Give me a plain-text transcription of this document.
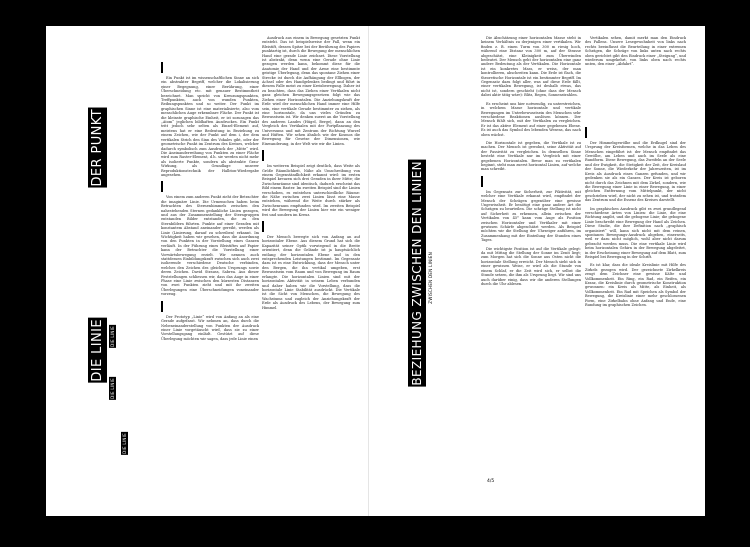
DER PUNKT
DIE LINIE	DIE LINIE
DIE LINIE
DIE LINIE
BEZIEHUNG ZWISCHEN DEN LINIEN	ZWISCHEN DEN LINIEN

Ein Punkt ist im wissenschaftlichen Sinne an sich ein abstrakter Begriff, welcher die Lokalisierung einer Begegnung, einer Berührung, einer Überschneidung etc. mit genauer Bestimmtheit bezeichnet. Man spricht von Kreuzungspunkten, Treffpunkten, auch von wunden Punkten, Reibungspunkten und so weiter. Der Punkt im graphischen Sinne ist eine materialisierte, also vom menschlichen Auge erkennbare Fläche. Der Punkt ist die kleinste graphische Einheit, er ist sozusagen das „Atom“ jeglichen bildhaften Ausdruckes. Ein Punkt tritt jedoch sehr selten als Einzel-Element auf, meistens hat er eine Bedeutung in Beziehung zu einem Zeichen, wie der Punkt auf dem i, der dem vertikalen Strich den Sinn des Vokales gibt, oder der geometrische Punkt im Zentrum des Kreises, welcher dadurch symbolisch zum Ausdruck der „Mitte“ wird. Die Aneinanderreihung von Punkten zu einer Fläche wird zum Raster-Element, d.h. sie werden nicht mehr als isolierte Punkte, sondern als abstrakte Grau-Wirkung, als Grundlage unserer Reproduktionstechnik der Halbton-Wiedergabe angesehen.

Von einem zum anderen Punkt zieht der Betrachter die imaginäre Linie. Die Urmenschen haben beim Betrachten des Sternenhimmels zwischen den nahestehenden Sternen gedankliche Linien gezogen, und aus der Zusammenstellung der Sterngruppen entstanden Bilder entstanden, die zu den Sternbildern führten. Punkte auf einer Geraden mit konstantem Abstand aneinander gereiht, werden als Linie (Linierung, darauf zu schreiben) erkannt. Im Wichtigkeit haben wir gesehen, dass die Anordnung von den Punkten in der Vorstellung eines Ganzen verläuft. In der Führung eines Bleistiftes auf Papier kann der Betrachter die Vorstellung einer Vorwärtsbewegung erzielt. Wir nennen auch stattdessen Einbildungskraft zwischen sich auch zwei isolierende verschiedene Deutsche verbinden, welches den Zeichen des gleichen Ursprungs sowie deren Zeichen. David Strauss, Sabrea. Aus dieser Feststellungen schliessen wir, dass das Auge in einer Phase eine Linie zwischen den kürzesten Distanzen von zwei Punkten zieht und mit ihr zweiten Überlegungen eine Überschneidungen voneinander vorzeug.

Der Prototyp „Linie“ wird von Anfang an als eine Gerade aufgefasst. Wir nehmen an, dass durch die Nebeneinanderstellung von Punkten der Ausdruck einer Linie vorgetäuscht wird, dass sie zu einer Vorstellungsgang einlädt. Gestützt auf diese Überlegung möchten wir sagen, dass jede Linie einen

Ausdruck aus einem in Bewegung gesetzten Punkt entsteht. Das ist beispielsweise der Fall, wenn ein Bleistift, dessen Spitze bei der Berührung des Papiers punktartig ist, durch die Bewegung der menschlichen Hand eine gerade Linie zeichnet. Diese Vorstellung ist abstrakt, denn wenn eine Gerade ohne Linie gezogen werden kann, bekommt diese für die Anatomie der Hand und der Arme eine bestimmte geistige Überlegung, denn das spontane Ziehen einer Strecke ist durch die Aufhängung der Ellbogen, der Achsel oder des Handgelenkes bedingt und führt in diesem Falle meist zu einer Kreisbewegung. Daher ist zu beachten, dass das Ziehen einer Vertikalen nicht ganz gleichen Bewegungsgesetzen folgt wie das Ziehen einer Horizontalen. Die Anziehungskraft der Erde wird der menschlichen Hand immer eine Hilfe sein, eine vertikale Gerade bestimmter zu ziehen, als eine horizontale, da uns vieles Gründen zu Bewusstsein ist. Wir denken zuerst an die Vorstellung des anderen Landes (Hügel, Berge), dann an den Vergleich des Vertikalen mit der Fortpflanzung des Universums und mit Zentrum der Richtung Wurzel und Hüften. Wir sehen ähnlich wie der Kosmos die Bewegung für Gesetze der Dimensionen, wie Einwanderung, in der Welt wie wir die Linien.

Im weiteren Beispiel zeigt deutlich, dass Weite als Größe Räumlichkeit, Nähe als Umschreibung von einem Gegenständlichkeit erkannt wird: im ersten Beispiel kreuzen sich drei Geraden in ihrer Mitte; die Zwischenräume sind identisch, dadurch erscheint das Bild einem Raster. Im zweiten Beispiel sind die Linien verschoben, es entstehen unterschiedliche Räume: die Nähe zwischen zwei Linien lässt eine Masse entstehen, während die Weite durch stärker als Zwischenraum empfunden wird. Im zweiten Beispiel wird die Bewegung der Linien hier wie ein weniger frei und sondern im Kreuz.

Der Mensch bewegte sich von Anfang an auf horizontaler Ebene. Aus diesem Grund hat sich die Kapazität seiner Optik vorwiegend in die Breite orientiert, denn die Gelände ist ja hauptsächlich entlang der horizontalen Ebene und in den entsprechenden Leistungen bestimmt. Im Gegensatz dazu ist es eine Entwicklung, dass der Mensch unter den Bergen, die ihn vertikal umgeben, erst Bewusstsein vom Raum und von Bewegung im Raum erlangte. Die horizontalen Linien sind mit der horizontalen Aktivität in seinem Leben verbunden und daher haben wir die Vorstellung, dass die horizontale Linie Stabilität ausdrückt. Die Vertikale ist die Sicht von Menschen, die Bewegung des Wachstums und zugleich der Anziehungskraft der Erde als Ausdruck des Lebens, der Bewegung zum Himmel.

Die Abschätzung einer horizontalen Masse steht in keinem Verhältnis zu derjenigen einer vertikalen. Wir finden z. B. einen Turm von 300 m riesig hoch, während eine Distanz von 300 m, auf der Strasse abgeschätzt, eine Kleinigkeit zum Überwinden bedeutet. Der Mensch geht der horizontalen eine ganz andere Bedeutung als der Vertikalen. Die Horizontale ist ein konkretes Mass, er weiss, der man kontrollieren, abschreiten kann. Die Erde ist flach, die theoretische Horizontale ist ein bestimmter Begriff. Im Gegensatz dazu folgt aller, was auf diese Erde fällt, einer vertikalen Bewegung, ist deshalb etwas, das nicht ist, sondern geschieht (ohne dass der Mensch dabei aktiv tätig wäre): Blitz, Regen, Sonnenstrahlen.

Es erscheint uns hier notwendig, zu unterstreichen, in welchem Masse horizontale und vertikale Bewegungen im Unterbewusstsein des Menschen sehr verschiedene Reaktionen auslösen können. Der Mensch fühlt sich, mit der Vertikalen zu vergleichen. Er ist das aktive Element auf einer gegebenen Ebene. Es ist auch das Symbol des lebenden Wesens, das nach oben wächst.

Die Horizontale ist gegeben, die Vertikale ist zu machen. Der Mensch ist gewohnt, seine Aktivität auf der Passivität zu vergleichen. In demselben Sinne besteht eine Vertikale nur im Vergleich mit einer gegebenen Horizontalen. Bevor man zu vertikalen beginnt, steht man zuerst horizontal Linien, auf welche man schreibt.

Im Gegensatz zur Sicherheit, zur Fiktivität, mit welcher eine Vertikale erkannt wird, empfindet der Mensch der Schrägen gegenüber eine gewisse Ungewissheit. Er benötigt eine ganz andere Art die Schrägen zu beurteilen. Die schräge Stellung ist nicht auf Sicherheit zu erkennen, allein zwischen der Vertikalen von 45° kann vom Auge als Position zwischen Horizontaler und Vertikaler mit einer gewissen Schärfe abgeschätzt werden. Als Beispiel möchten wir die Stellung der Uhrzeiger anführen, im Zusammenhang mit der Einteilung der Stunden eines Tages.

Die wichtigste Position ist auf die Vertikale gelegt: da mit Mittag die Stellung der Sonne im Zenit liegt; zum Morgen hat sich die Sonne aus Osten nicht die horizontale Stellung erreicht. Der Mensch sieht sich in einer gewissen Weise, er wird als die Stunde von einem Schlaf, er die Zeit wird sich, er selbst die Stunde setzen, die ihm als Ursprung liegt. Wir sind uns auch darüber einig, dass wir die anderen Stellungen durch die Uhr ablesen.

Vertikalen sehen, damit merkt man den Eindruck des Fallens. Unsere Lesegewohnheit von links nach rechts beeinflusst die Beurteilung in einer extremen Schrägen, die Schräge von links unten nach rechts oben gerichtet gibt den Eindruck einer „Steigung“, und wiederum umgekehrt, von links oben nach rechts unten, den einer „Abfahrt“.

Der Himmelsgewölbe und die Erdkugel sind der Ursprung der Kreisformen, welche in das Leben des Menschen eingeführt ist: der Mensch empfindet das Gewölbe, am Leben und auch im Seele als eine Rundform. Diese Bewegung, das Zweifeln an der Seele und der Ewigkeit, die Stetigkeit der Zeit, der Kreislauf der Sonne, die Wiederkehr der Jahreszeiten, ist im Kreis als Ausdruck eines Ganzen gefunden, und wir gedenken sie als ein Ganzes. Der Kreis ist geboren nicht durch das Zeichnen mit dem Zirkel, sondern, wie die Bewegung einer Linie in einer Bewegung, in einer gleichen Entfernung vom Mittelpunkt, der nicht geschrieben wird, der nicht zu sehen ist, und trotzdem das Zentrum und die Essenz des Kreises darstellt.

Im graphischen Ausdruck gibt es zwei grundlegend verschiedene Arten von Linien: die Linie, die eine Richtung angibt, und die gebogene Linie; die gebogene Linie beschreibt eine Bewegung der Hand als Zeichen. Diese Studie, die ihre Definition nach „graphisch organisiert“ will, kann sich nicht mit dem reinen, spontanen Bewegungs-Ausdruck abgeben, einerseits, weil er dazu nicht möglich, wohl aber nicht darum gebracht werden muss. Die eine vertikale Linie wird beim horizontalen Gehirn in der Bewegung abgeleitet, in der Erscheinung einer Bewegung auf dem Blatt, zum Beispiel bei Bewegung in der Schrift.

Es ist klar, dass die ideale Kreislinie mit Hilfe des Zirkels gezogen wird. Der gezeichnete Zirkelkreis zeugt dem Zeichner eine gewisse Kälte und Vollkommenheit. Ein Ring, ein Rad, ein Reifen, ein Kranz, die Kreislinie durch geometrische Konstruktion gewonnen: ein Kreis als Mitte, als Einheit, als Vollkommenheit. Ein Rad mit Speichen als Symbol der Bewegung, die Kreislinie einer mehr geschlossenen Form, eine Zirkelbahn ohne Anfang und Ende, eine Rundung im graphischen Zeichen.

4/5
